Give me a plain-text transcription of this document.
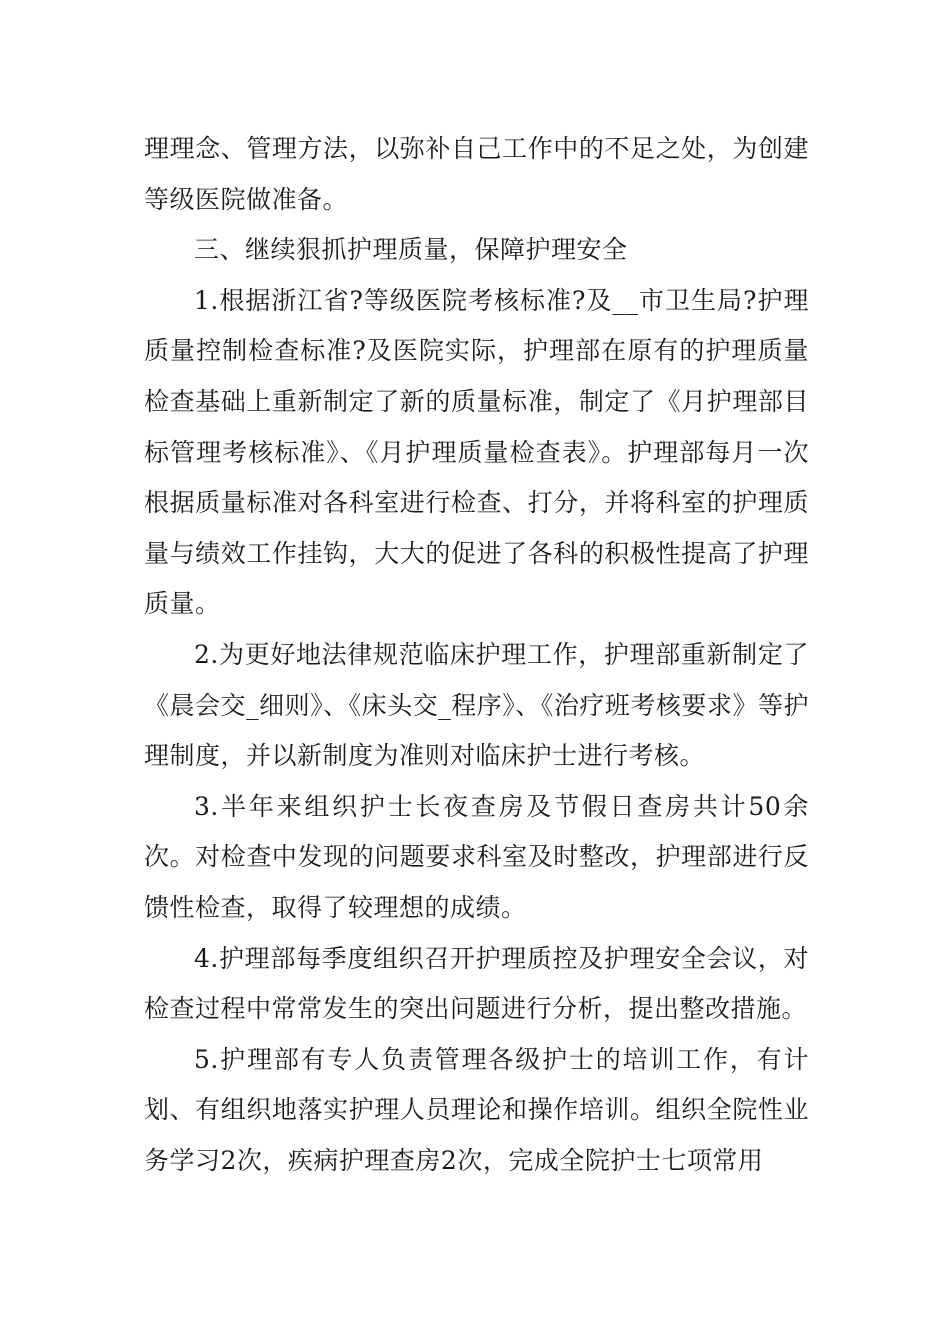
理理念、管理方法，以弥补自己工作中的不足之处，为创建等级医院做准备。

三、继续狠抓护理质量，保障护理安全

1.根据浙江省?等级医院考核标准?及__市卫生局?护理质量控制检查标准?及医院实际，护理部在原有的护理质量检查基础上重新制定了新的质量标准，制定了《月护理部目标管理考核标准》、《月护理质量检查表》。护理部每月一次根据质量标准对各科室进行检查、打分，并将科室的护理质量与绩效工作挂钩，大大的促进了各科的积极性提高了护理质量。

2.为更好地法律规范临床护理工作，护理部重新制定了《晨会交_细则》、《床头交_程序》、《治疗班考核要求》等护理制度，并以新制度为准则对临床护士进行考核。

3.半年来组织护士长夜查房及节假日查房共计50余次。对检查中发现的问题要求科室及时整改，护理部进行反馈性检查，取得了较理想的成绩。

4.护理部每季度组织召开护理质控及护理安全会议，对检查过程中常常发生的突出问题进行分析，提出整改措施。

5.护理部有专人负责管理各级护士的培训工作，有计划、有组织地落实护理人员理论和操作培训。组织全院性业务学习2次，疾病护理查房2次，完成全院护士七项常用
